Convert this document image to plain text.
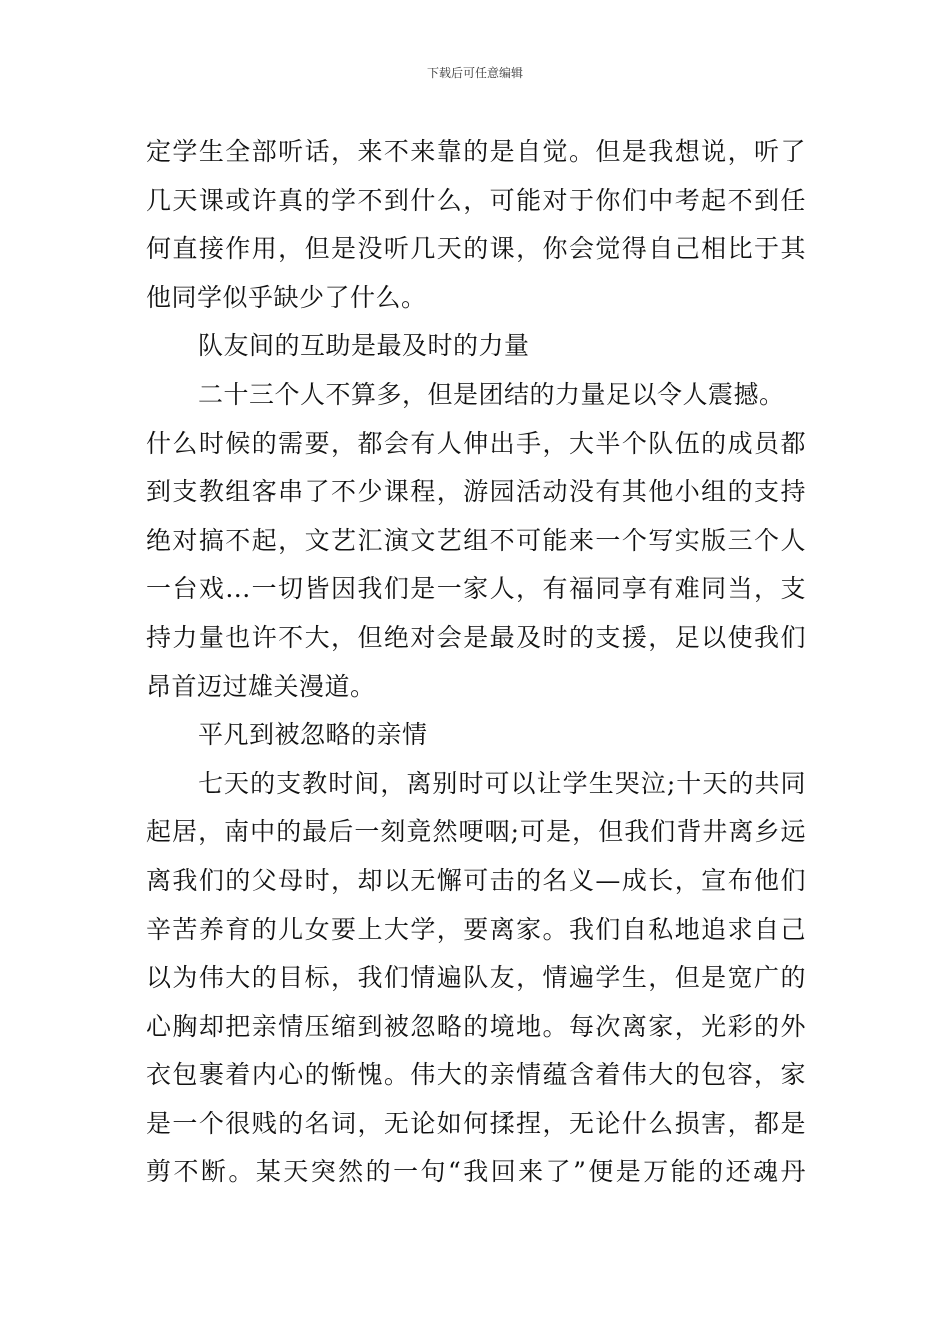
下载后可任意编辑
定学生全部听话，来不来靠的是自觉。但是我想说，听了
几天课或许真的学不到什么，可能对于你们中考起不到任
何直接作用，但是没听几天的课，你会觉得自己相比于其
他同学似乎缺少了什么。
队友间的互助是最及时的力量
二十三个人不算多，但是团结的力量足以令人震撼。
什么时候的需要，都会有人伸出手，大半个队伍的成员都
到支教组客串了不少课程，游园活动没有其他小组的支持
绝对搞不起，文艺汇演文艺组不可能来一个写实版三个人
一台戏...一切皆因我们是一家人，有福同享有难同当，支
持力量也许不大，但绝对会是最及时的支援，足以使我们
昂首迈过雄关漫道。
平凡到被忽略的亲情
七天的支教时间，离别时可以让学生哭泣;十天的共同
起居，南中的最后一刻竟然哽咽;可是，但我们背井离乡远
离我们的父母时，却以无懈可击的名义—成长，宣布他们
辛苦养育的儿女要上大学，要离家。我们自私地追求自己
以为伟大的目标，我们情遍队友，情遍学生，但是宽广的
心胸却把亲情压缩到被忽略的境地。每次离家，光彩的外
衣包裹着内心的惭愧。伟大的亲情蕴含着伟大的包容，家
是一个很贱的名词，无论如何揉捏，无论什么损害，都是
剪不断。某天突然的一句“我回来了”便是万能的还魂丹
